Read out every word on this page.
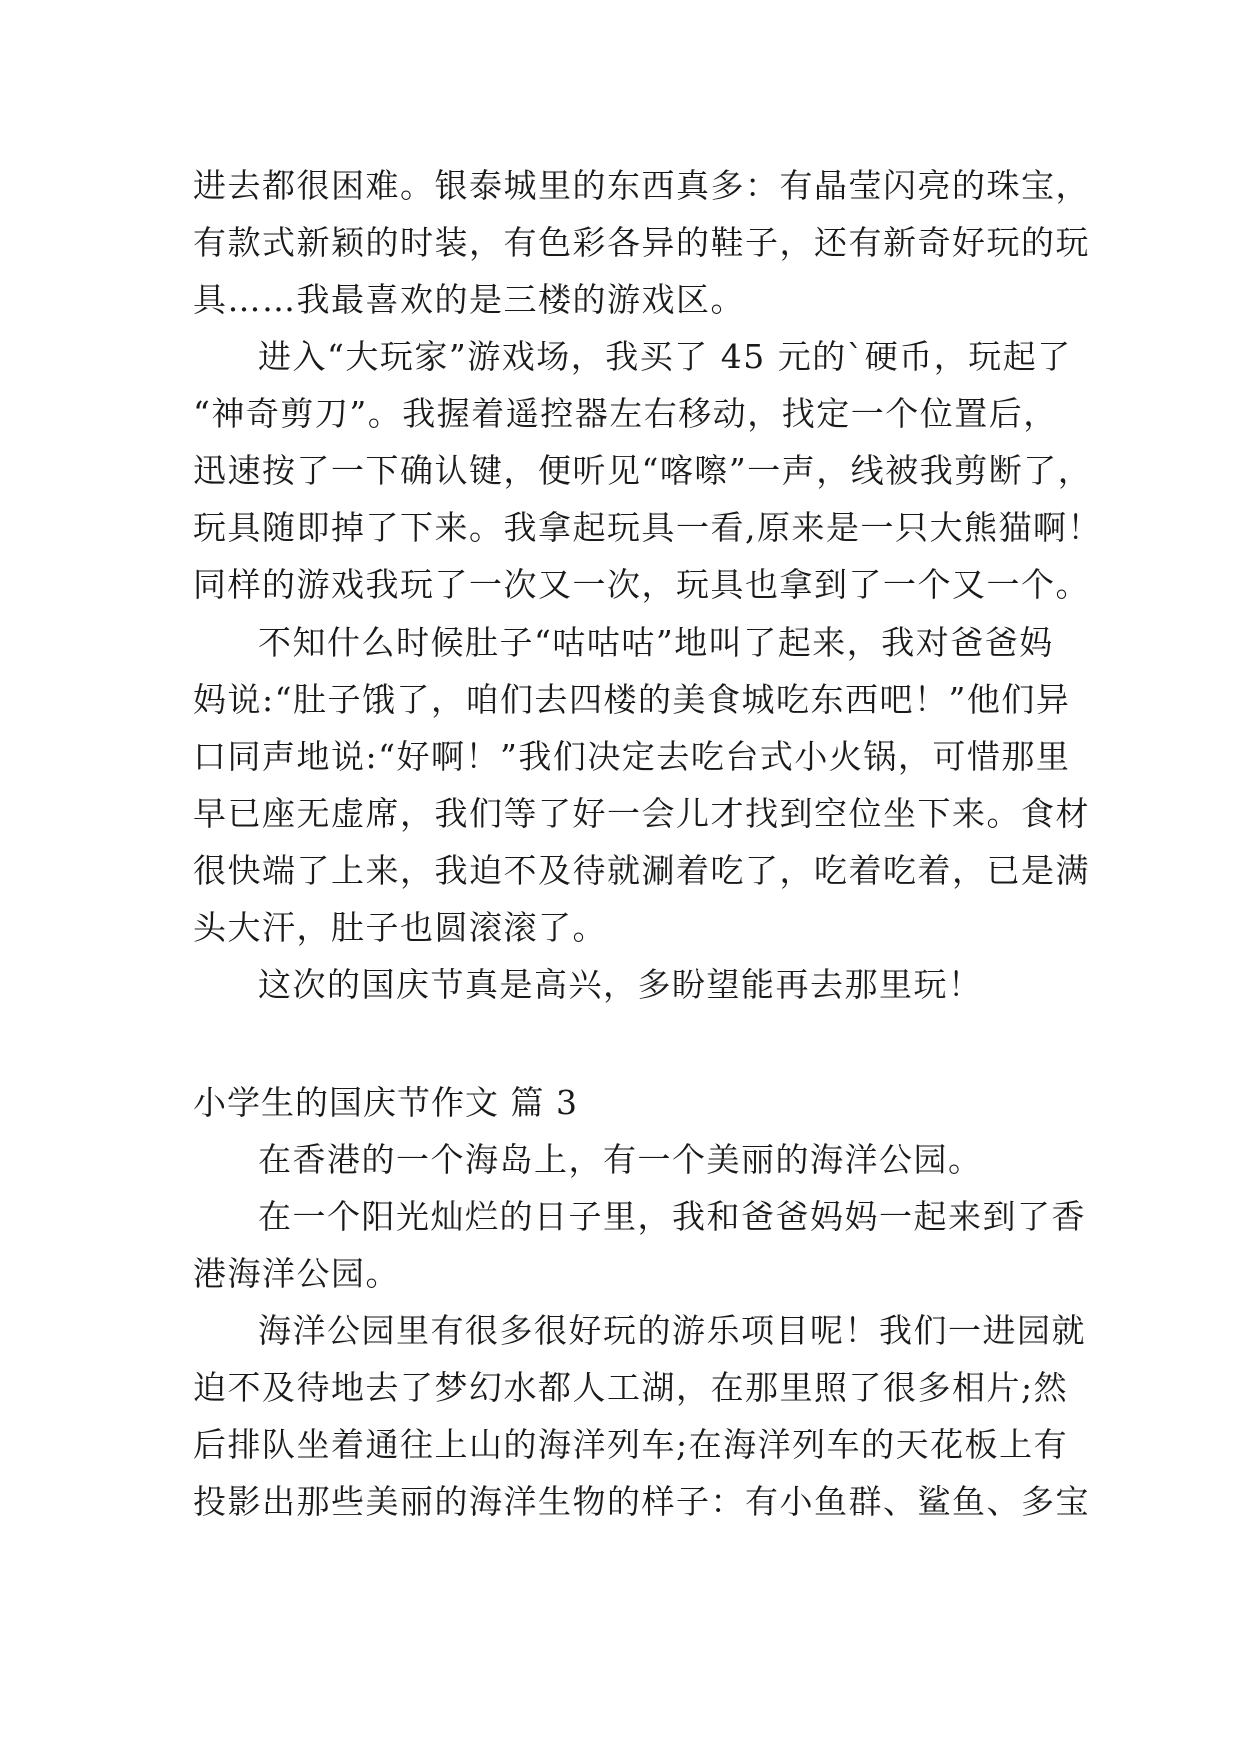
进去都很困难。银泰城里的东西真多：有晶莹闪亮的珠宝，
有款式新颖的时装，有色彩各异的鞋子，还有新奇好玩的玩
具……我最喜欢的是三楼的游戏区。
进入“大玩家”游戏场，我买了 45 元的`硬币，玩起了
“神奇剪刀”。我握着遥控器左右移动，找定一个位置后，
迅速按了一下确认键，便听见“喀嚓”一声，线被我剪断了，
玩具随即掉了下来。我拿起玩具一看,原来是一只大熊猫啊！
同样的游戏我玩了一次又一次，玩具也拿到了一个又一个。
不知什么时候肚子“咕咕咕”地叫了起来，我对爸爸妈
妈说:“肚子饿了，咱们去四楼的美食城吃东西吧！”他们异
口同声地说:“好啊！”我们决定去吃台式小火锅，可惜那里
早已座无虚席，我们等了好一会儿才找到空位坐下来。食材
很快端了上来，我迫不及待就涮着吃了，吃着吃着，已是满
头大汗，肚子也圆滚滚了。
这次的国庆节真是高兴，多盼望能再去那里玩！
小学生的国庆节作文 篇 3
在香港的一个海岛上，有一个美丽的海洋公园。
在一个阳光灿烂的日子里，我和爸爸妈妈一起来到了香
港海洋公园。
海洋公园里有很多很好玩的游乐项目呢！我们一进园就
迫不及待地去了梦幻水都人工湖，在那里照了很多相片;然
后排队坐着通往上山的海洋列车;在海洋列车的天花板上有
投影出那些美丽的海洋生物的样子：有小鱼群、鲨鱼、多宝
